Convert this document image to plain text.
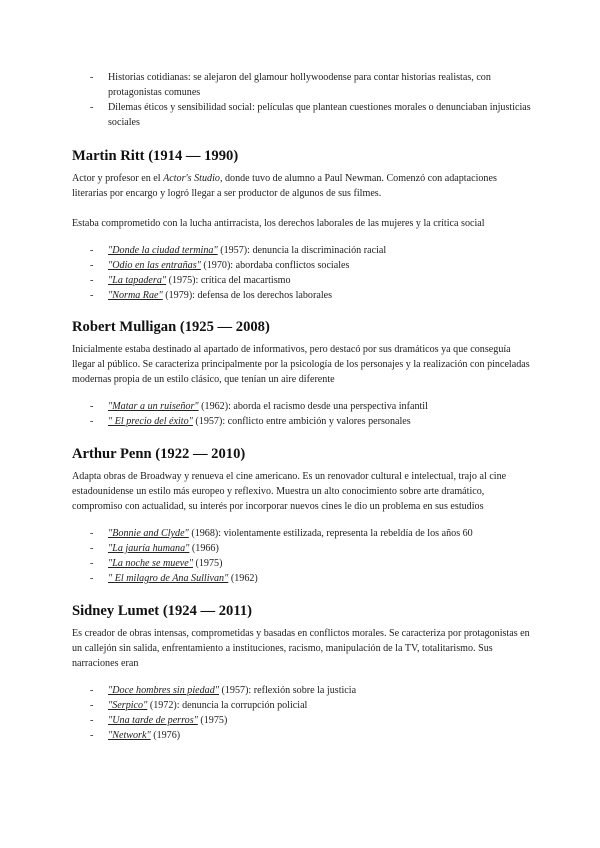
- Historias cotidianas: se alejaron del glamour hollywoodense para contar historias realistas, con protagonistas comunes
- Dilemas éticos y sensibilidad social: películas que plantean cuestiones morales o denunciaban injusticias sociales
Martin Ritt (1914 — 1990)

Actor y profesor en el Actor's Studio, donde tuvo de alumno a Paul Newman. Comenzó con adaptaciones literarias por encargo y logró llegar a ser productor de algunos de sus filmes.

Estaba comprometido con la lucha antirracista, los derechos laborales de las mujeres y la crítica social

- "Donde la ciudad termina" (1957): denuncia la discriminación racial
- "Odio en las entrañas" (1970): abordaba conflictos sociales
- "La tapadera" (1975): crítica del macartismo
- "Norma Rae" (1979): defensa de los derechos laborales
Robert Mulligan (1925 — 2008)

Inicialmente estaba destinado al apartado de informativos, pero destacó por sus dramáticos ya que conseguía llegar al público. Se caracteriza principalmente por la psicología de los personajes y la realización con pinceladas modernas propia de un estilo clásico, que tenían un aire diferente

- "Matar a un ruiseñor" (1962): aborda el racismo desde una perspectiva infantil
- " El precio del éxito" (1957): conflicto entre ambición y valores personales
Arthur Penn (1922 — 2010)

Adapta obras de Broadway y renueva el cine americano. Es un renovador cultural e intelectual, trajo al cine estadounidense un estilo más europeo y reflexivo. Muestra un alto conocimiento sobre arte dramático, compromiso con actualidad, su interés por incorporar nuevos cines le dio un problema en sus estudios

- "Bonnie and Clyde" (1968): violentamente estilizada, representa la rebeldía de los años 60
- "La jauría humana" (1966)
- "La noche se mueve" (1975)
- " El milagro de Ana Sullivan" (1962)
Sidney Lumet (1924 — 2011)

Es creador de obras intensas, comprometidas y basadas en conflictos morales. Se caracteriza por protagonistas en un callejón sin salida, enfrentamiento a instituciones, racismo, manipulación de la TV, totalitarismo. Sus narraciones eran

- "Doce hombres sin piedad" (1957): reflexión sobre la justicia
- "Serpico" (1972): denuncia la corrupción policial
- "Una tarde de perros" (1975)
- "Network" (1976)
